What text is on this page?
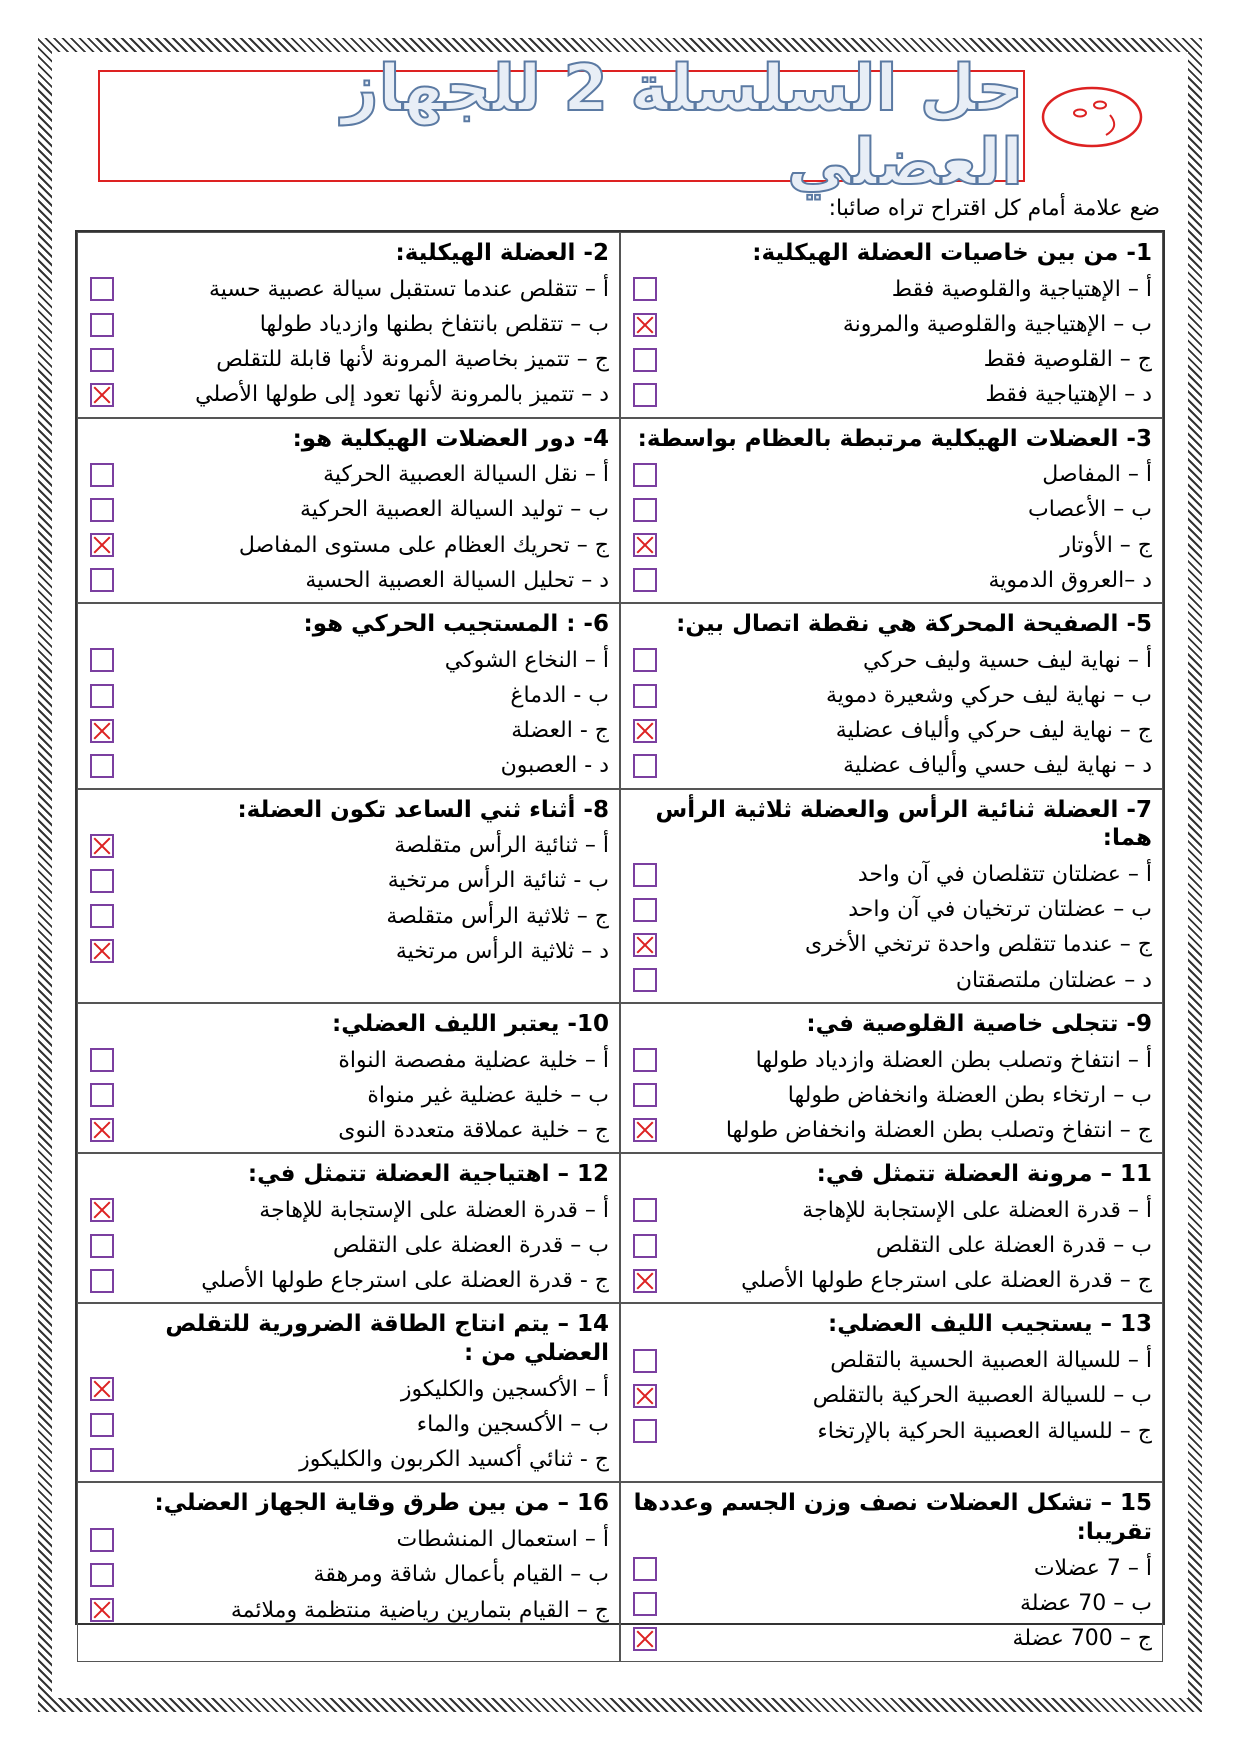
حل السلسلة 2 للجهاز العضلي
ضع علامة أمام كل اقتراح تراه صائبا:
1- من بين خاصيات العضلة الهيكلية:
أ – الإهتياجية والقلوصية فقط
ب – الإهتياجية والقلوصية والمرونة
ج – القلوصية فقط
د – الإهتياجية فقط
2- العضلة الهيكلية:
أ – تتقلص عندما تستقبل سيالة عصبية حسية
ب – تتقلص بانتفاخ بطنها وازدياد طولها
ج – تتميز بخاصية المرونة لأنها قابلة للتقلص
د – تتميز بالمرونة لأنها تعود إلى طولها الأصلي
3- العضلات الهيكلية مرتبطة بالعظام بواسطة:
أ – المفاصل
ب – الأعصاب
ج – الأوتار
د –العروق الدموية
4- دور العضلات الهيكلية هو:
أ – نقل السيالة العصبية الحركية
ب – توليد السيالة العصبية الحركية
ج – تحريك العظام على مستوى المفاصل
د – تحليل السيالة العصبية الحسية
5- الصفيحة المحركة هي نقطة اتصال بين:
أ – نهاية ليف حسية وليف حركي
ب – نهاية ليف حركي وشعيرة دموية
ج – نهاية ليف حركي وألياف عضلية
د – نهاية ليف حسي وألياف عضلية
6- : المستجيب الحركي هو:
أ – النخاع الشوكي
ب - الدماغ
ج - العضلة
د - العصبون
7- العضلة ثنائية الرأس والعضلة ثلاثية الرأس هما:
أ – عضلتان تتقلصان في آن واحد
ب – عضلتان ترتخيان في آن واحد
ج – عندما تتقلص واحدة ترتخي الأخرى
د – عضلتان ملتصقتان
8- أثناء ثني الساعد تكون العضلة:
أ – ثنائية الرأس متقلصة
ب - ثنائية الرأس مرتخية
ج – ثلاثية الرأس متقلصة
د – ثلاثية الرأس مرتخية
9- تتجلى خاصية القلوصية في:
أ – انتفاخ وتصلب بطن العضلة وازدياد طولها
ب – ارتخاء بطن العضلة وانخفاض طولها
ج – انتفاخ وتصلب بطن العضلة وانخفاض طولها
10- يعتبر الليف العضلي:
أ – خلية عضلية مفصصة النواة
ب – خلية عضلية غير منواة
ج – خلية عملاقة متعددة النوى
11 – مرونة العضلة تتمثل في:
أ – قدرة العضلة على الإستجابة للإهاجة
ب – قدرة العضلة على التقلص
ج – قدرة العضلة على استرجاع طولها الأصلي
12 – اهتياجية العضلة تتمثل في:
أ – قدرة العضلة على الإستجابة للإهاجة
ب – قدرة العضلة على التقلص
ج - قدرة العضلة على استرجاع طولها الأصلي
13 – يستجيب الليف العضلي:
أ – للسيالة العصبية الحسية بالتقلص
ب – للسيالة العصبية الحركية بالتقلص
ج – للسيالة العصبية الحركية بالإرتخاء
14 – يتم انتاج الطاقة الضرورية للتقلص العضلي من :
أ – الأكسجين والكليكوز
ب – الأكسجين والماء
ج - ثنائي أكسيد الكربون والكليكوز
15 – تشكل العضلات نصف وزن الجسم وعددها تقريبا:
أ – 7 عضلات
ب – 70 عضلة
ج – 700 عضلة
16 – من بين طرق وقاية الجهاز العضلي:
أ – استعمال المنشطات
ب – القيام بأعمال شاقة ومرهقة
ج – القيام بتمارين رياضية منتظمة وملائمة
